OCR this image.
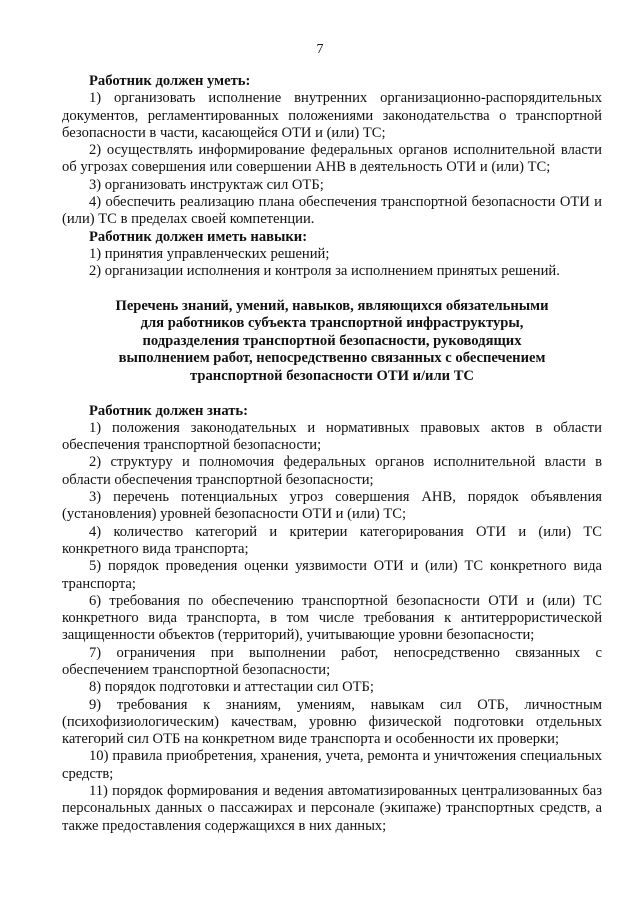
7

Работник должен уметь:

1) организовать исполнение внутренних организационно-распорядительных документов, регламентированных положениями законодательства о транспортной безопасности в части, касающейся ОТИ и (или) ТС;

2) осуществлять информирование федеральных органов исполнительной власти об угрозах совершения или совершении АНВ в деятельность ОТИ и (или) ТС;

3) организовать инструктаж сил ОТБ;

4) обеспечить реализацию плана обеспечения транспортной безопасности ОТИ и (или) ТС в пределах своей компетенции.

Работник должен иметь навыки:

1) принятия управленческих решений;

2) организации исполнения и контроля за исполнением принятых решений.

Перечень знаний, умений, навыков, являющихся обязательными

для работников субъекта транспортной инфраструктуры,

подразделения транспортной безопасности, руководящих

выполнением работ, непосредственно связанных с обеспечением

транспортной безопасности ОТИ и/или ТС

Работник должен знать:

1) положения законодательных и нормативных правовых актов в области обеспечения транспортной безопасности;

2) структуру и полномочия федеральных органов исполнительной власти в области обеспечения транспортной безопасности;

3) перечень потенциальных угроз совершения АНВ, порядок объявления (установления) уровней безопасности ОТИ и (или) ТС;

4) количество категорий и критерии категорирования ОТИ и (или) ТС конкретного вида транспорта;

5) порядок проведения оценки уязвимости ОТИ и (или) ТС конкретного вида транспорта;

6) требования по обеспечению транспортной безопасности ОТИ и (или) ТС конкретного вида транспорта, в том числе требования к антитеррористической защищенности объектов (территорий), учитывающие уровни безопасности;

7) ограничения при выполнении работ, непосредственно связанных с обеспечением транспортной безопасности;

8) порядок подготовки и аттестации сил ОТБ;

9) требования к знаниям, умениям, навыкам сил ОТБ, личностным (психофизиологическим) качествам, уровню физической подготовки отдельных категорий сил ОТБ на конкретном виде транспорта и особенности их проверки;

10) правила приобретения, хранения, учета, ремонта и уничтожения специальных средств;

11) порядок формирования и ведения автоматизированных централизованных баз персональных данных о пассажирах и персонале (экипаже) транспортных средств, а также предоставления содержащихся в них данных;
